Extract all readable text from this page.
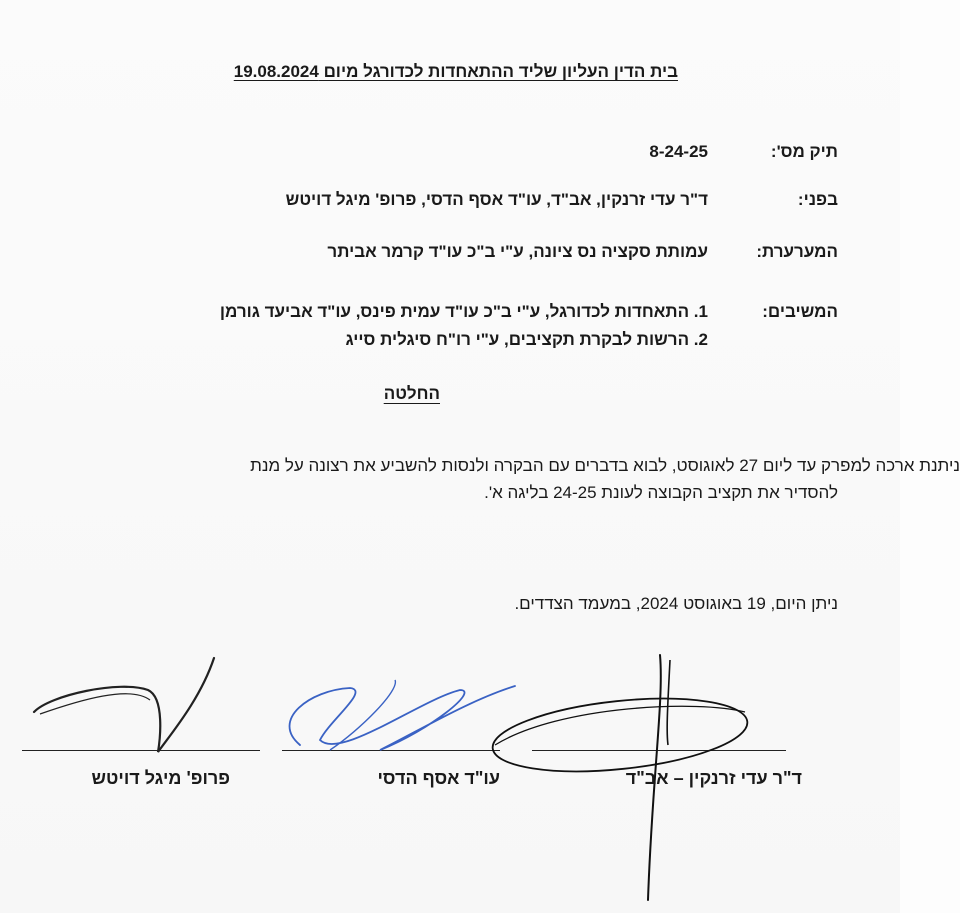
בית הדין העליון שליד ההתאחדות לכדורגל מיום 19.08.2024
תיק מס':
8-24-25
בפני:
ד"ר עדי זרנקין, אב"ד, עו"ד אסף הדסי, פרופ' מיגל דויטש
המערערת:
עמותת סקציה נס ציונה, ע"י ב"כ עו"ד קרמר אביתר
המשיבים:
1. התאחדות לכדורגל, ע"י ב"כ עו"ד עמית פינס, עו"ד אביעד גורמן
2. הרשות לבקרת תקציבים, ע"י רו"ח סיגלית סייג
החלטה
ניתנת ארכה למפרק עד ליום 27 לאוגוסט, לבוא בדברים עם הבקרה ולנסות להשביע את רצונה על מנת
להסדיר את תקציב הקבוצה לעונת 24-25 בליגה א'.
ניתן היום, 19 באוגוסט 2024, במעמד הצדדים.
פרופ' מיגל דויטש	עו"ד אסף הדסי	ד"ר עדי זרנקין – אב"ד
